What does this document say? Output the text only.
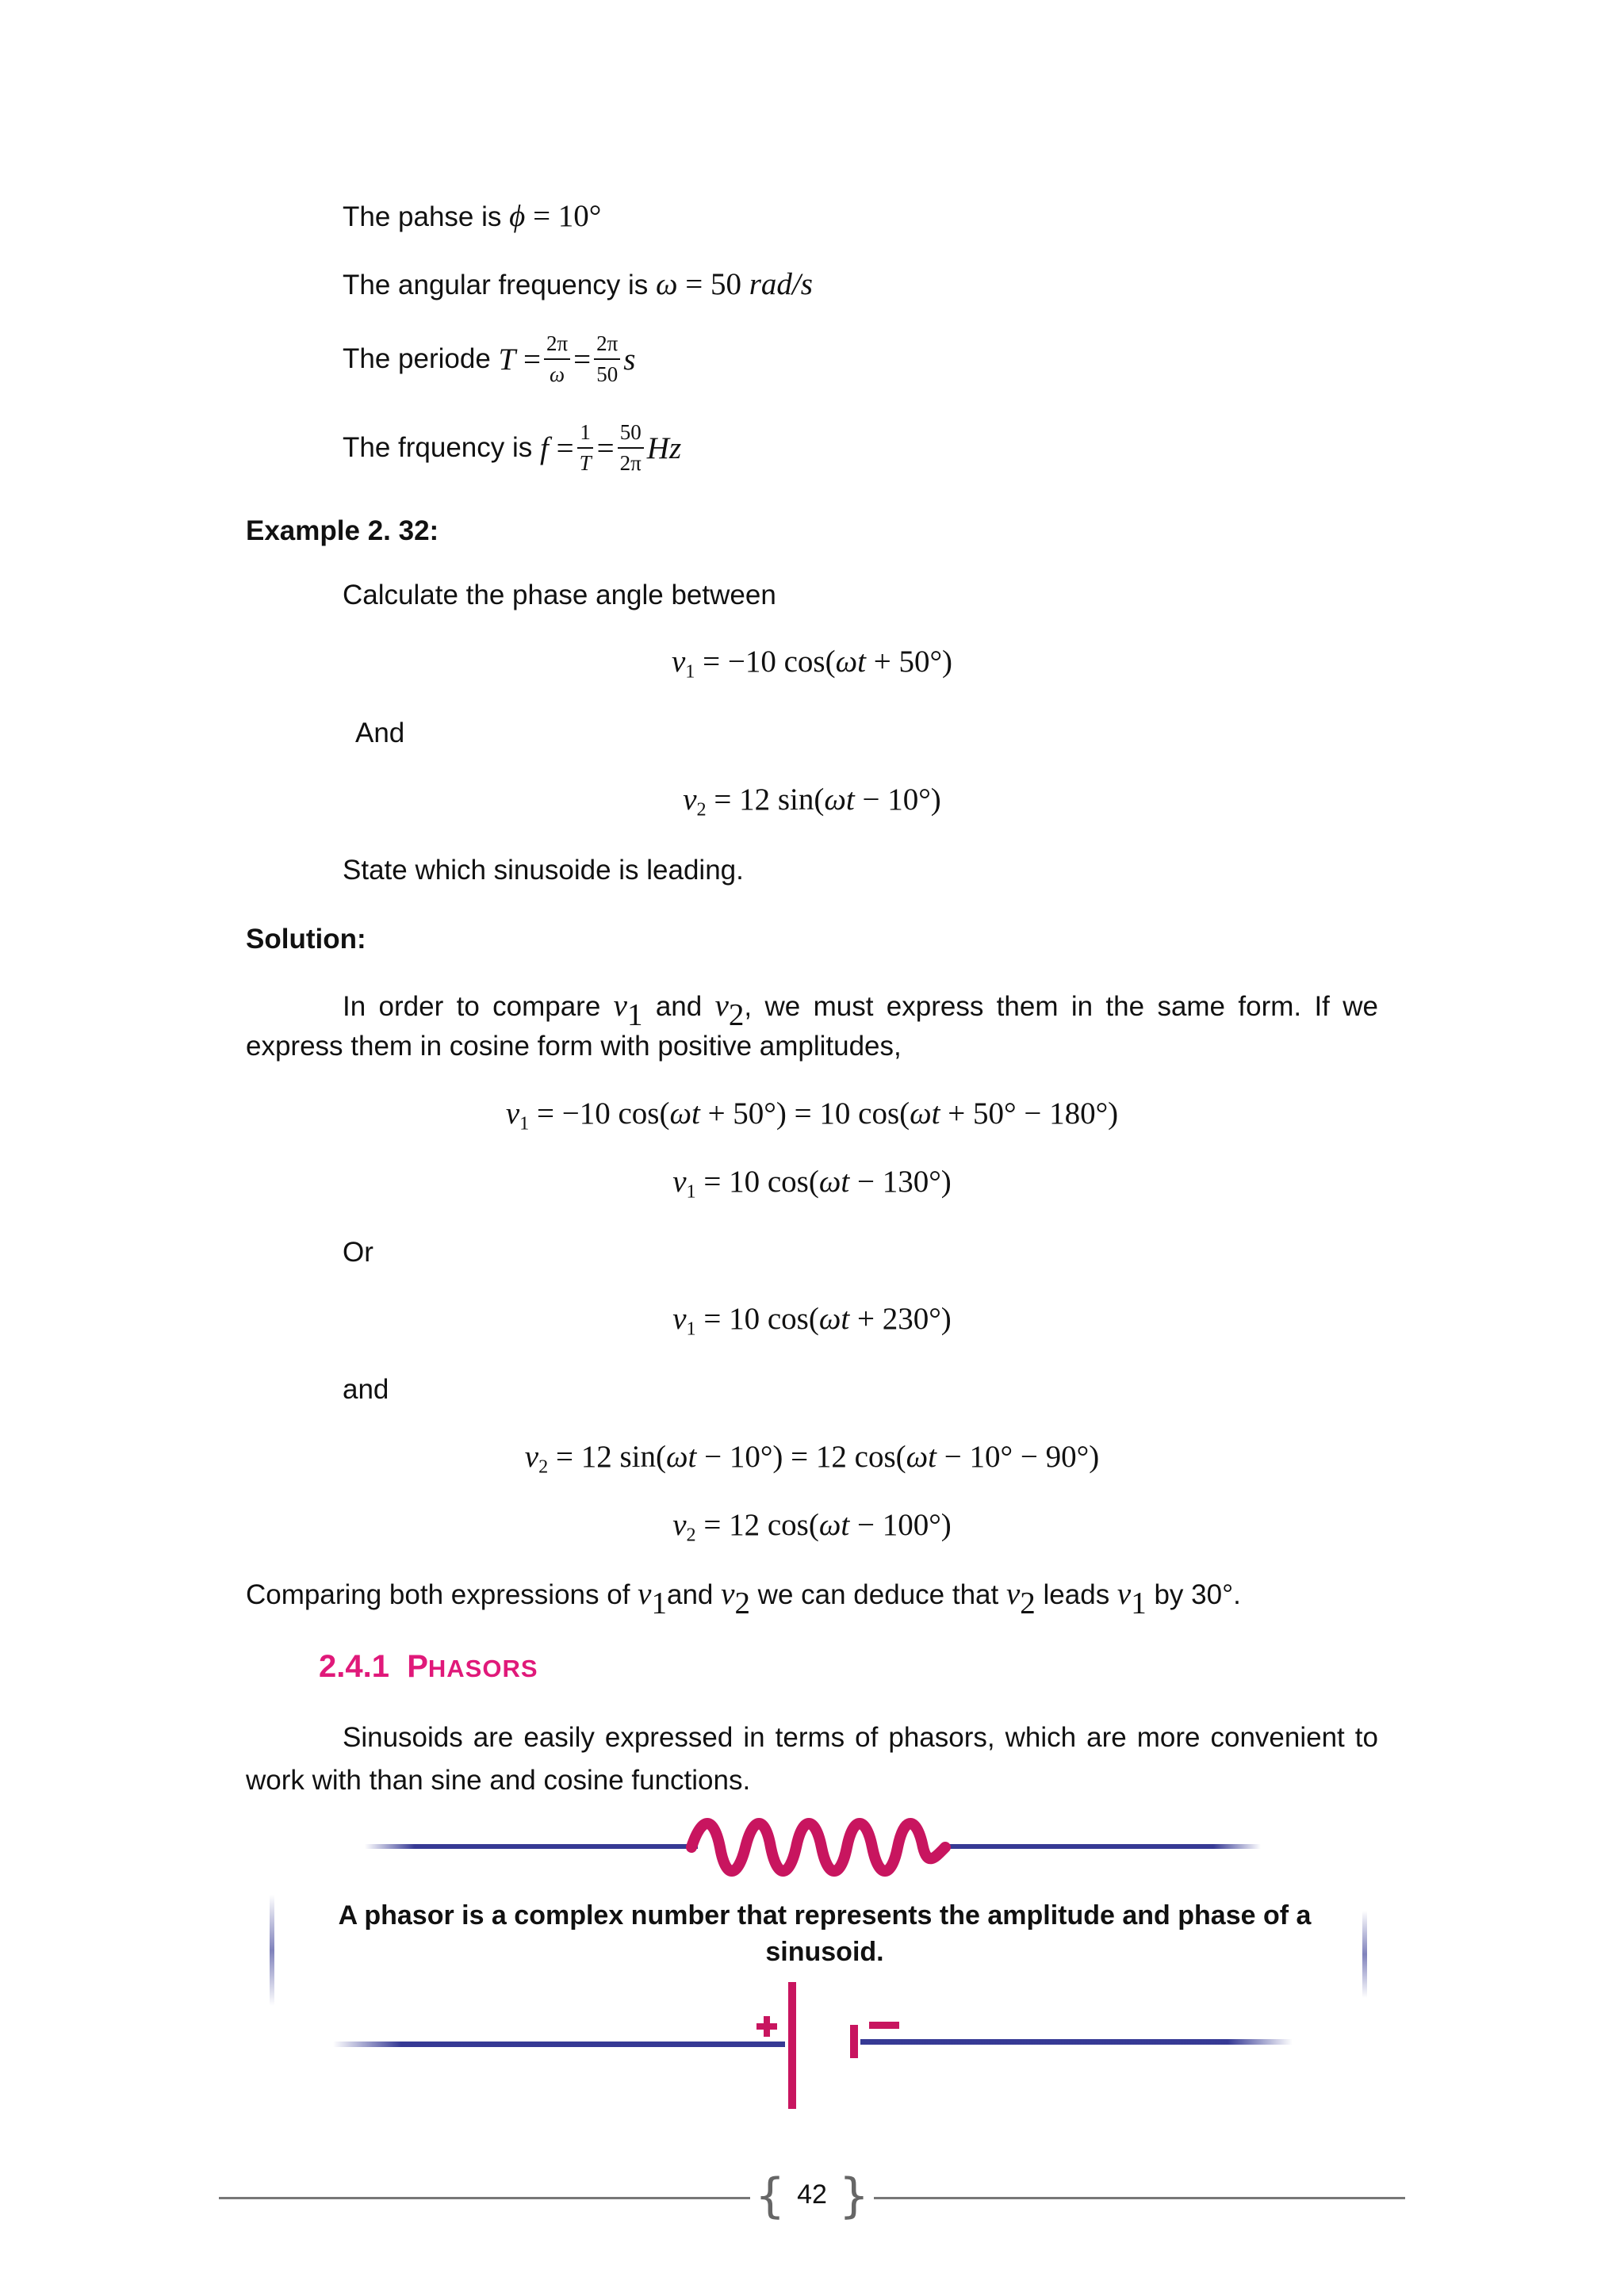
The pahse is ϕ = 10°
The angular frequency is ω = 50 rad/s
The periode
$T = \frac{2\pi}{\omega} = \frac{2\pi}{50}$ s
The frquency is
$f = \frac{1}{T} = \frac{50}{2\pi}$ Hz
Example 2. 32:
Calculate the phase angle between
$v_1 = -10$ cos(ωt + 50°)
And
$v_2 = 12$ sin(ωt − 10°)
State which sinusoide is leading.
Solution:
In order to compare $v_1$ and $v_2$, we must express them in the same form. If we
express them in cosine form with positive amplitudes,
$v_1 = -10$ cos(ωt + 50°) = 10 cos(ωt + 50° − 180°)
$v_1 = 10$ cos(ωt − 130°)
Or
$v_1 = 10$ cos(ωt + 230°)
and
$v_2 = 12$ sin(ωt − 10°) = 12 cos(ωt − 10° − 90°)
$v_2 = 12$ cos(ωt − 100°)
Comparing both expressions of $v_1and$ $v_2$ we can deduce that $v_2$ leads $v_1$ by 30°.
2.4.1 PHASORS
Sinusoids are easily expressed in terms of phasors, which are more convenient to
work with than sine and cosine functions.
A phasor is a complex number that represents the amplitude and phase of a sinusoid.
{ 42 }
